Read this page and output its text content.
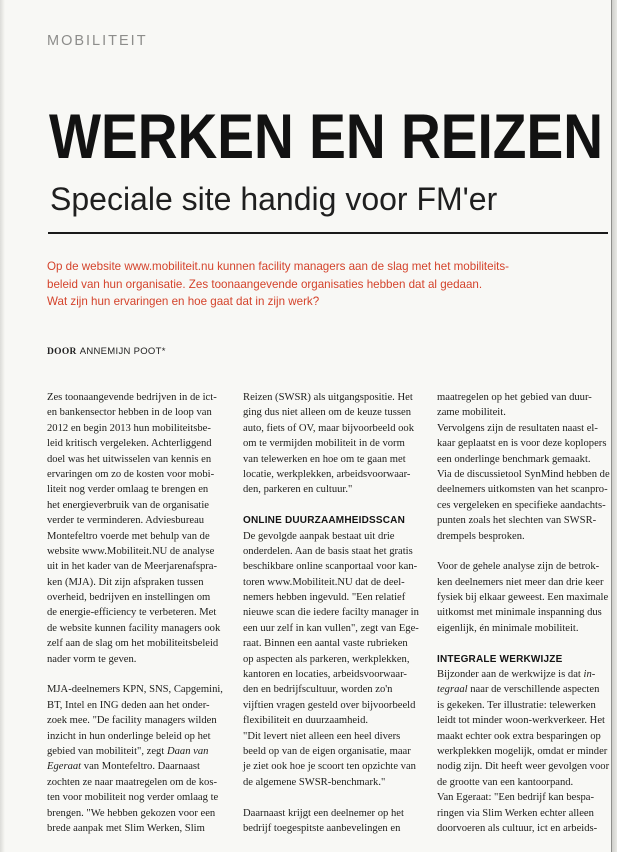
MOBILITEIT
WERKEN EN REIZEN
Speciale site handig voor FM'er
Op de website www.mobiliteit.nu kunnen facility managers aan de slag met het mobiliteits-
beleid van hun organisatie. Zes toonaangevende organisaties hebben dat al gedaan.
Wat zijn hun ervaringen en hoe gaat dat in zijn werk?
DOOR ANNEMIJN POOT*
Zes toonaangevende bedrijven in de ict-
en bankensector hebben in de loop van
2012 en begin 2013 hun mobiliteitsbe-
leid kritisch vergeleken. Achterliggend
doel was het uitwisselen van kennis en
ervaringen om zo de kosten voor mobi-
liteit nog verder omlaag te brengen en
het energieverbruik van de organisatie
verder te verminderen. Adviesbureau
Montefeltro voerde met behulp van de
website www.Mobiliteit.NU de analyse
uit in het kader van de Meerjarenafspra-
ken (MJA). Dit zijn afspraken tussen
overheid, bedrijven en instellingen om
de energie-efficiency te verbeteren. Met
de website kunnen facility managers ook
zelf aan de slag om het mobiliteitsbeleid
nader vorm te geven.
MJA-deelnemers KPN, SNS, Capgemini,
BT, Intel en ING deden aan het onder-
zoek mee. "De facility managers wilden
inzicht in hun onderlinge beleid op het
gebied van mobiliteit", zegt Daan van
Egeraat van Montefeltro. Daarnaast
zochten ze naar maatregelen om de kos-
ten voor mobiliteit nog verder omlaag te
brengen. "We hebben gekozen voor een
brede aanpak met Slim Werken, Slim
Reizen (SWSR) als uitgangspositie. Het
ging dus niet alleen om de keuze tussen
auto, fiets of OV, maar bijvoorbeeld ook
om te vermijden mobiliteit in de vorm
van telewerken en hoe om te gaan met
locatie, werkplekken, arbeidsvoorwaar-
den, parkeren en cultuur."
ONLINE DUURZAAMHEIDSSCAN
De gevolgde aanpak bestaat uit drie
onderdelen. Aan de basis staat het gratis
beschikbare online scanportaal voor kan-
toren www.Mobiliteit.NU dat de deel-
nemers hebben ingevuld. "Een relatief
nieuwe scan die iedere facilty manager in
een uur zelf in kan vullen", zegt van Ege-
raat. Binnen een aantal vaste rubrieken
op aspecten als parkeren, werkplekken,
kantoren en locaties, arbeidsvoorwaar-
den en bedrijfscultuur, worden zo'n
vijftien vragen gesteld over bijvoorbeeld
flexibiliteit en duurzaamheid.
"Dit levert niet alleen een heel divers
beeld op van de eigen organisatie, maar
je ziet ook hoe je scoort ten opzichte van
de algemene SWSR-benchmark."
Daarnaast krijgt een deelnemer op het
bedrijf toegespitste aanbevelingen en
maatregelen op het gebied van duur-
zame mobiliteit.
Vervolgens zijn de resultaten naast el-
kaar geplaatst en is voor deze koplopers
een onderlinge benchmark gemaakt.
Via de discussietool SynMind hebben de
deelnemers uitkomsten van het scanpro-
ces vergeleken en specifieke aandachts-
punten zoals het slechten van SWSR-
drempels besproken.
Voor de gehele analyse zijn de betrok-
ken deelnemers niet meer dan drie keer
fysiek bij elkaar geweest. Een maximale
uitkomst met minimale inspanning dus
eigenlijk, én minimale mobiliteit.
INTEGRALE WERKWIJZE
Bijzonder aan de werkwijze is dat in-
tegraal naar de verschillende aspecten
is gekeken. Ter illustratie: telewerken
leidt tot minder woon-werkverkeer. Het
maakt echter ook extra besparingen op
werkplekken mogelijk, omdat er minder
nodig zijn. Dit heeft weer gevolgen voor
de grootte van een kantoorpand.
Van Egeraat: "Een bedrijf kan bespa-
ringen via Slim Werken echter alleen
doorvoeren als cultuur, ict en arbeids-
